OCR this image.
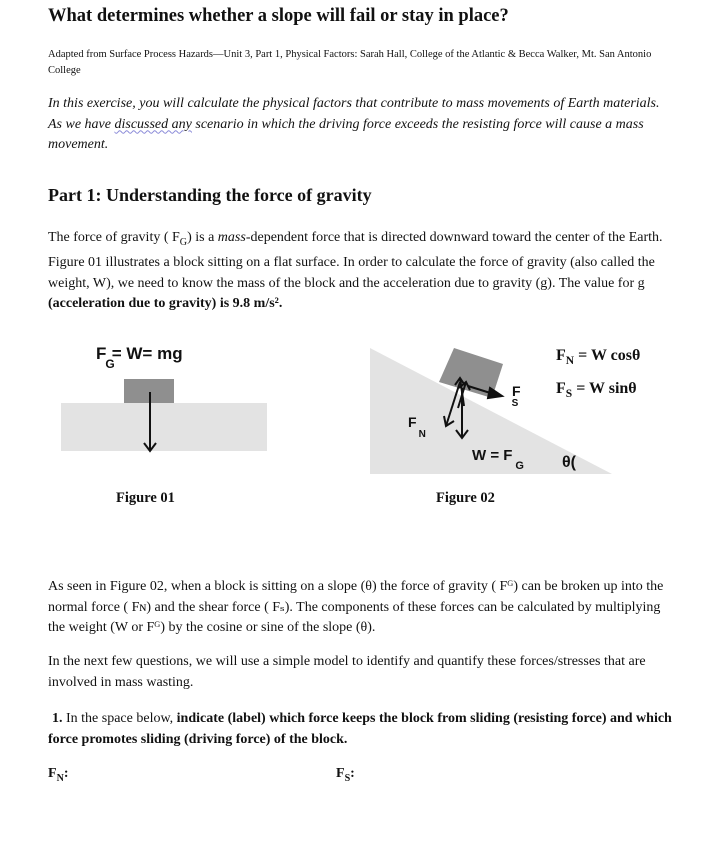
What determines whether a slope will fail or stay in place?
Adapted from Surface Process Hazards—Unit 3, Part 1, Physical Factors: Sarah Hall, College of the Atlantic & Becca Walker, Mt. San Antonio College
In this exercise, you will calculate the physical factors that contribute to mass movements of Earth materials. As we have discussed any scenario in which the driving force exceeds the resisting force will cause a mass movement.
Part 1: Understanding the force of gravity
The force of gravity ( $F_G$) is a mass-dependent force that is directed downward toward the center of the Earth. Figure 01 illustrates a block sitting on a flat surface. In order to calculate the force of gravity (also called the weight, W), we need to know the mass of the block and the acceleration due to gravity (g). The value for g (acceleration due to gravity) is 9.8 m/s².
$F_G= W=$ mg
Figure 01
$F_S$
$F_N$
$W = F_G$ θ(
$F_N = W$ cosθ
$F_S = W$ sinθ
Figure 02
As seen in Figure 02, when a block is sitting on a slope (θ) the force of gravity ( Fᴳ) can be broken up into the normal force ( Fɴ) and the shear force ( Fₛ). The components of these forces can be calculated by multiplying the weight (W or Fᴳ) by the cosine or sine of the slope (θ).
In the next few questions, we will use a simple model to identify and quantify these forces/stresses that are involved in mass wasting.
1. In the space below, indicate (label) which force keeps the block from sliding (resisting force) and which force promotes sliding (driving force) of the block.
$F_N$:	$F_S$:
